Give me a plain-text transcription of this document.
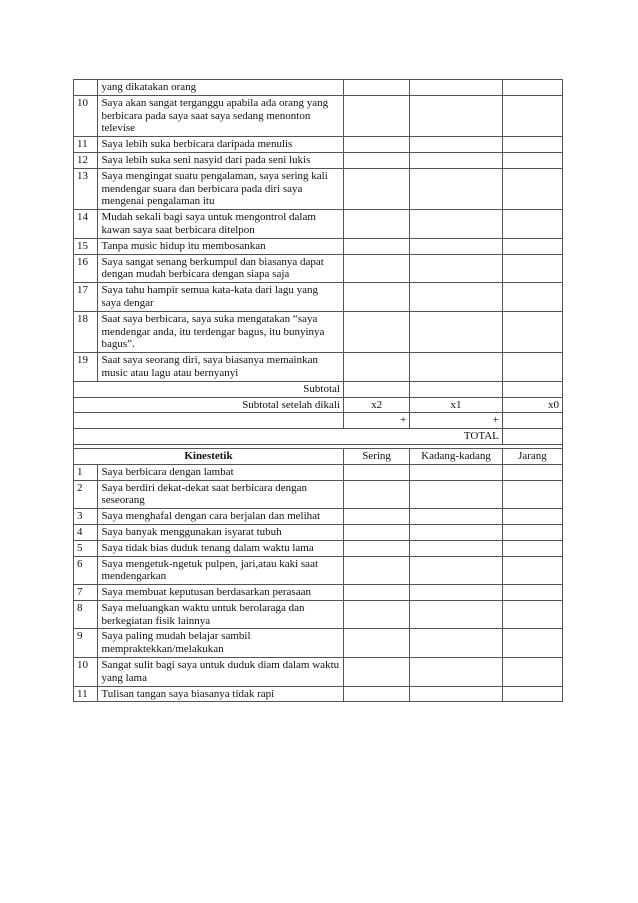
	yang dikatakan orang			
10	Saya akan sangat terganggu apabila ada orang yang berbicara pada saya saat saya sedang menonton televise			
11	Saya lebih suka berbicara daripada menulis			
12	Saya lebih suka seni nasyid dari pada seni lukis			
13	Saya mengingat suatu pengalaman, saya sering kali mendengar suara dan berbicara pada diri saya mengenai pengalaman itu			
14	Mudah sekali bagi saya untuk mengontrol dalam kawan saya saat berbicara ditelpon			
15	Tanpa music hidup itu membosankan			
16	Saya sangat senang berkumpul dan biasanya dapat dengan mudah berbicara dengan siapa saja			
17	Saya tahu hampir semua kata-kata dari lagu yang saya dengar			
18	Saat saya berbicara, saya suka mengatakan “saya mendengar anda, itu terdengar bagus, itu bunyinya bagus”.			
19	Saat saya seorang diri, saya biasanya memainkan music atau lagu atau bernyanyi			
Subtotal				
Subtotal setelah dikali		x2	x1	x0
		+	+	
TOTAL				

Kinestetik		Sering	Kadang-kadang	Jarang
1	Saya berbicara dengan lambat			
2	Saya berdiri dekat-dekat saat berbicara dengan seseorang			
3	Saya menghafal dengan cara berjalan dan melihat			
4	Saya banyak menggunakan isyarat tubuh			
5	Saya tidak bias duduk tenang dalam waktu lama			
6	Saya mengetuk-ngetuk pulpen, jari,atau kaki saat mendengarkan			
7	Saya membuat keputusan berdasarkan perasaan			
8	Saya meluangkan waktu untuk berolaraga dan berkegiatan fisik lainnya			
9	Saya paling mudah belajar sambil mempraktekkan/melakukan			
10	Sangat sulit bagi saya untuk duduk diam dalam waktu yang lama			
11	Tulisan tangan saya biasanya tidak rapi			
